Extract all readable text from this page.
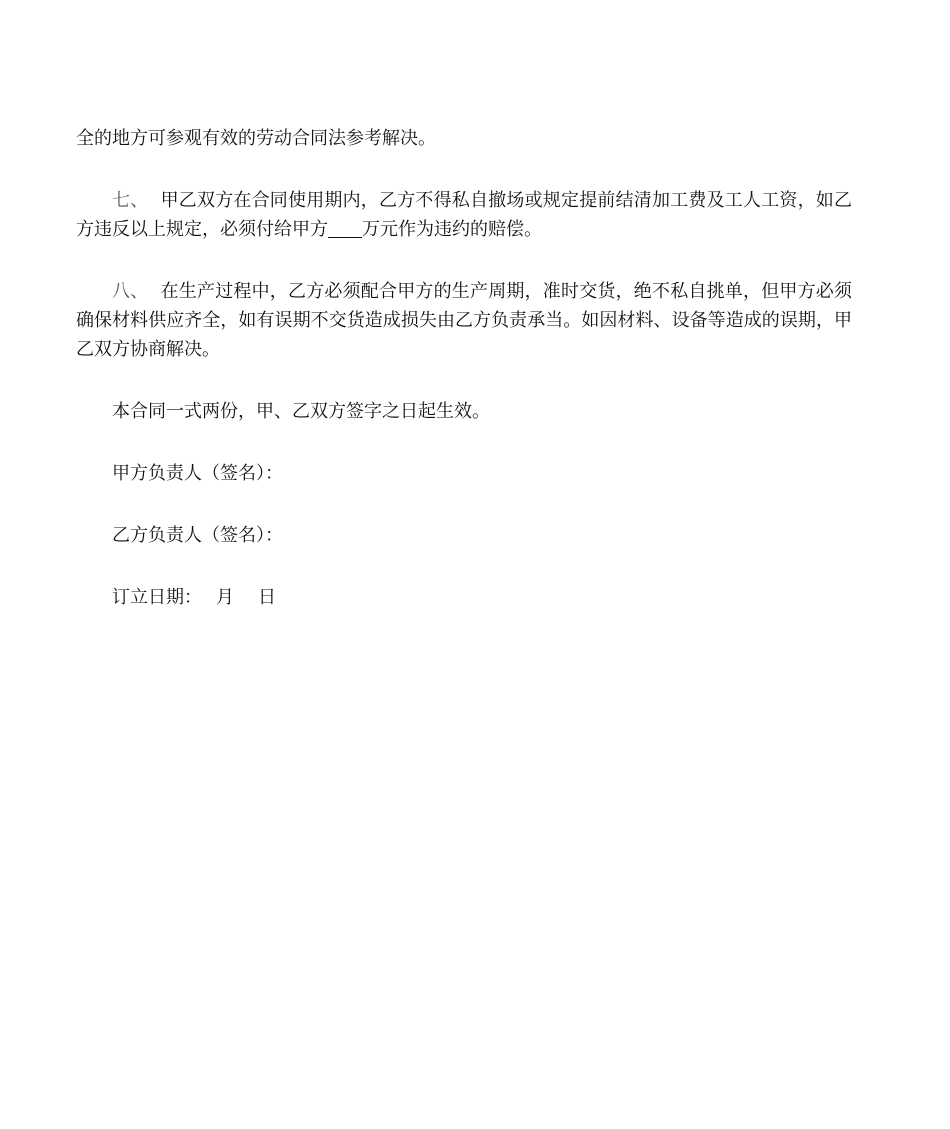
全的地方可参观有效的劳动合同法参考解决。

七、 甲乙双方在合同使用期内，乙方不得私自撤场或规定提前结清加工费及工人工资，如乙方违反以上规定，必须付给甲方 万元作为违约的赔偿。

八、 在生产过程中，乙方必须配合甲方的生产周期，准时交货，绝不私自挑单，但甲方必须确保材料供应齐全，如有误期不交货造成损失由乙方负责承当。如因材料、设备等造成的误期，甲乙双方协商解决。

本合同一式两份，甲、乙双方签字之日起生效。

甲方负责人（签名）：

乙方负责人（签名）：

订立日期： 月 日
